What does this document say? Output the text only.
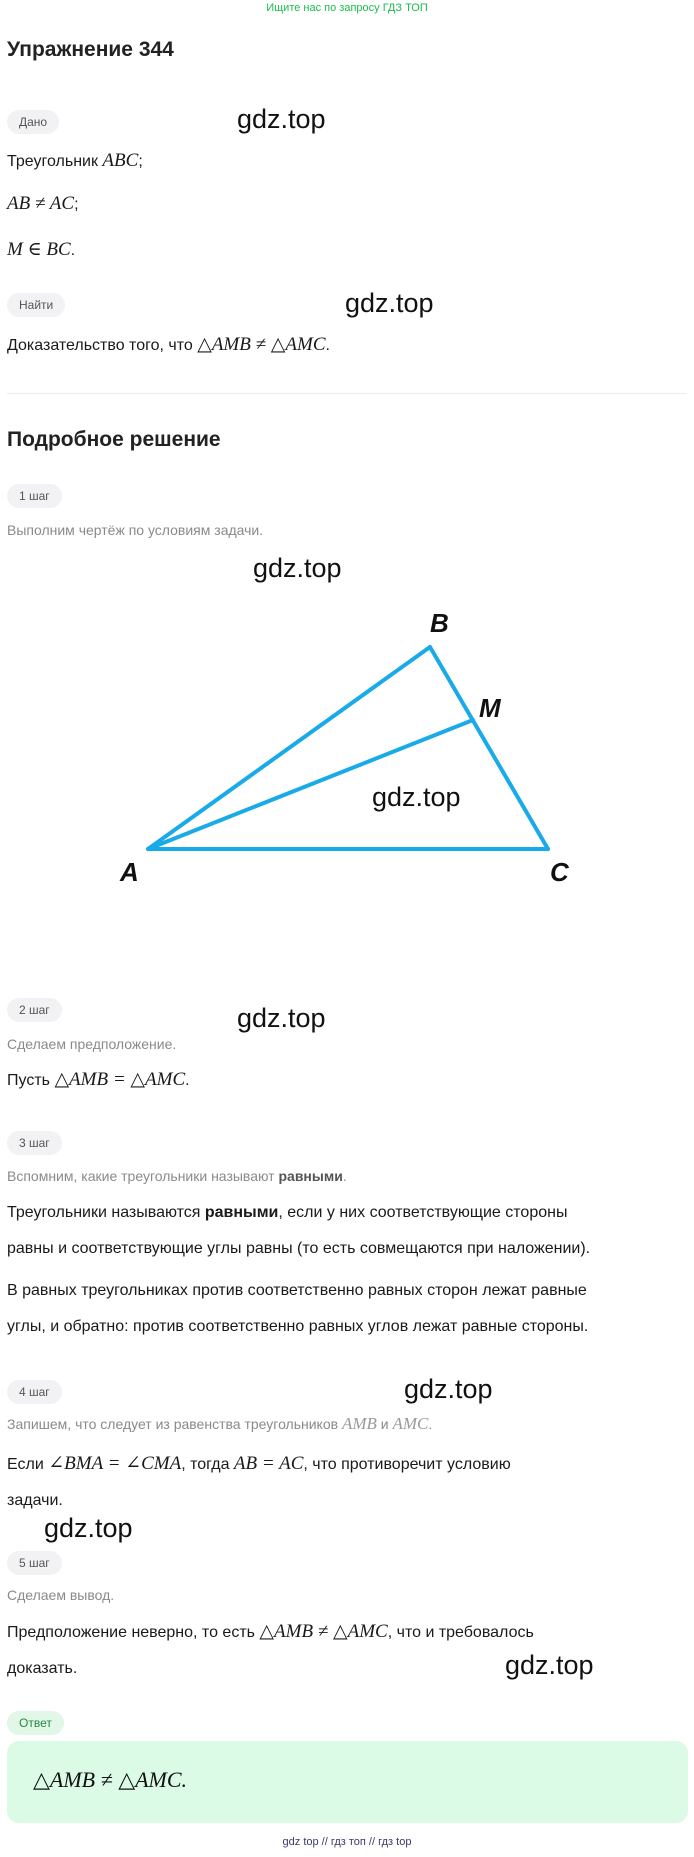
Ищите нас по запросу ГДЗ ТОП
Упражнение 344
Дано	gdz.top
Треугольник ABC;
AB ≠ AC;
M ∈ BC.
Найти	gdz.top
Доказательство того, что △AMB ≠ △AMC.
Подробное решение
1 шаг
Выполним чертёж по условиям задачи.
gdz.top
B
M
A	C
gdz.top
2 шаг	gdz.top
Сделаем предположение.
Пусть △AMB = △AMC.
3 шаг
Вспомним, какие треугольники называют равными.
Треугольники называются равными, если у них соответствующие стороны
равны и соответствующие углы равны (то есть совмещаются при наложении).
В равных треугольниках против соответственно равных сторон лежат равные
углы, и обратно: против соответственно равных углов лежат равные стороны.
4 шаг	gdz.top
Запишем, что следует из равенства треугольников AMB и AMC.
Если ∠BMA = ∠CMA, тогда AB = AC, что противоречит условию
задачи.
gdz.top
5 шаг
Сделаем вывод.
Предположение неверно, то есть △AMB ≠ △AMC, что и требовалось
доказать.	gdz.top
Ответ
△AMB ≠ △AMC.
gdz top // гдз топ // гдз top
